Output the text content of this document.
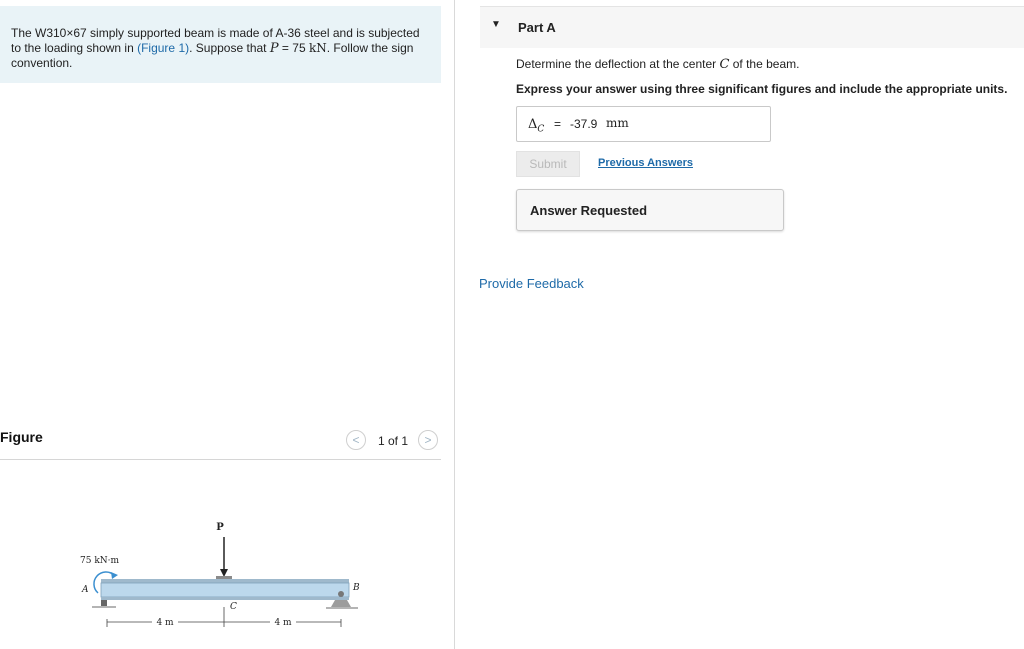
The W310×67 simply supported beam is made of A-36 steel and is subjected to the loading shown in (Figure 1). Suppose that P = 75 kN. Follow the sign convention.
Figure	<	1 of 1	>
P
75 kN·m
A	B
C
4 m	4 m
▼ Part A
Determine the deflection at the center C of the beam.
Express your answer using three significant figures and include the appropriate units.
$\Delta_C = -37.9$ mm
Submit	Previous Answers
Answer Requested
Provide Feedback
